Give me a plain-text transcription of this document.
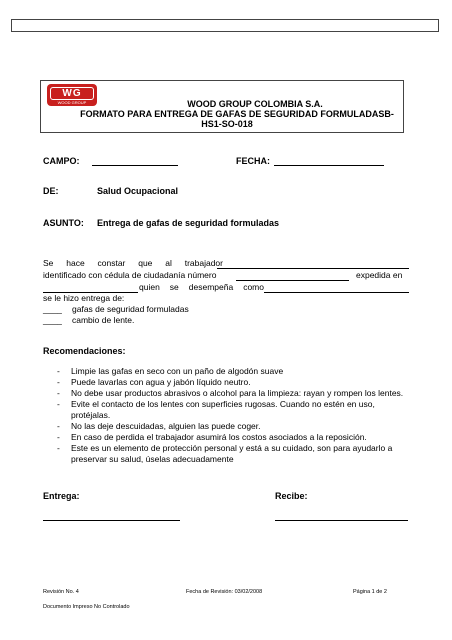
WG
WOOD GROUP	WOOD GROUP COLOMBIA S.A.
FORMATO PARA ENTREGA DE GAFAS DE SEGURIDAD FORMULADASB-
HS1-SO-018
CAMPO:	FECHA:
DE:	Salud Ocupacional
ASUNTO: Entrega de gafas de seguridad formuladas
Se hace constar que al trabajador
identificado con cédula de ciudadanía número	expedida en
quien se desempeña como
se le hizo entrega de:
____ gafas de seguridad formuladas
____ cambio de lente.
Recomendaciones:
- Limpie las gafas en seco con un paño de algodón suave
- Puede lavarlas con agua y jabón líquido neutro.
- No debe usar productos abrasivos o alcohol para la limpieza: rayan y rompen los lentes.
- Evite el contacto de los lentes con superficies rugosas. Cuando no estén en uso, protéjalas.
- No las deje descuidadas, alguien las puede coger.
- En caso de perdida el trabajador asumirá los costos asociados a la reposición.
- Este es un elemento de protección personal y está a su cuidado, son para ayudarlo a preservar su salud, úselas adecuadamente
Entrega:	Recibe:
Revisión No. 4	Fecha de Revisión: 03/02/2008	Página 1 de 2
Documento Impreso No Controlado
